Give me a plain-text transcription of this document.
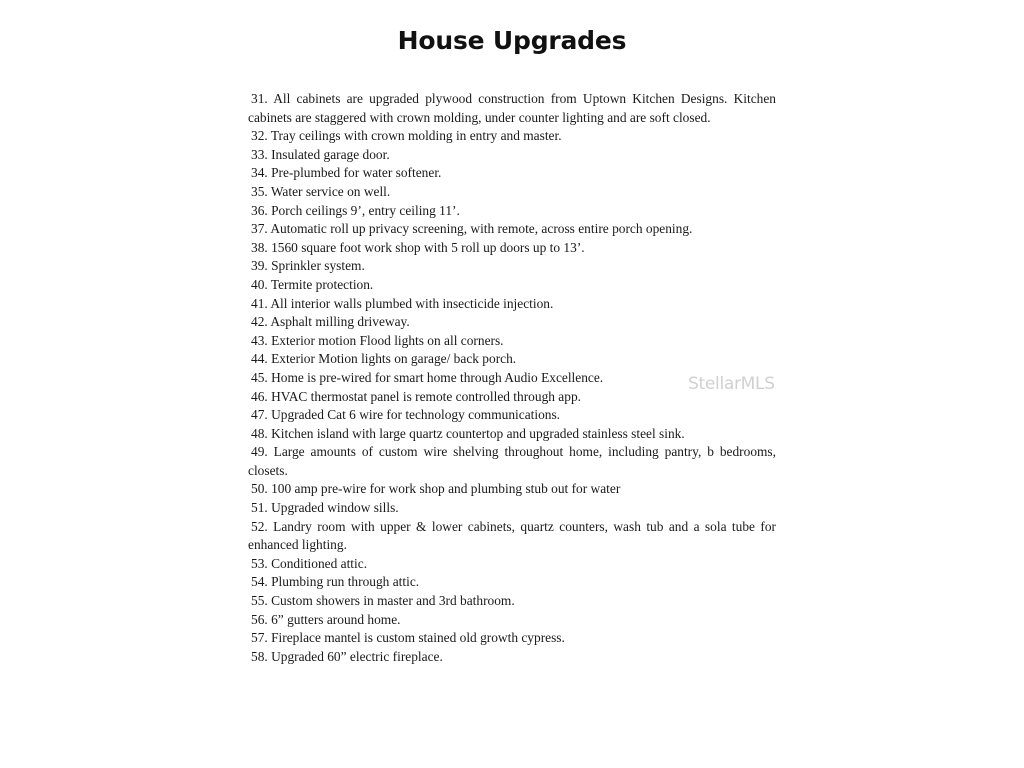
House Upgrades
31. All cabinets are upgraded plywood construction from Uptown Kitchen Designs. Kitchen cabinets are staggered with crown molding, under counter lighting and are soft closed.
32. Tray ceilings with crown molding in entry and master.
33. Insulated garage door.
34. Pre-plumbed for water softener.
35. Water service on well.
36. Porch ceilings 9’, entry ceiling 11’.
37. Automatic roll up privacy screening, with remote, across entire porch opening.
38. 1560 square foot work shop with 5 roll up doors up to 13’.
39. Sprinkler system.
40. Termite protection.
41. All interior walls plumbed with insecticide injection.
42. Asphalt milling driveway.
43. Exterior motion Flood lights on all corners.
44. Exterior Motion lights on garage/ back porch.
45. Home is pre-wired for smart home through Audio Excellence.
46. HVAC thermostat panel is remote controlled through app.
47. Upgraded Cat 6 wire for technology communications.
48. Kitchen island with large quartz countertop and upgraded stainless steel sink.
49. Large amounts of custom wire shelving throughout home, including pantry, b bedrooms, closets.
50. 100 amp pre-wire for work shop and plumbing stub out for water
51. Upgraded window sills.
52. Landry room with upper & lower cabinets, quartz counters, wash tub and a sola tube for enhanced lighting.
53. Conditioned attic.
54. Plumbing run through attic.
55. Custom showers in master and 3rd bathroom.
56. 6” gutters around home.
57. Fireplace mantel is custom stained old growth cypress.
58. Upgraded 60” electric fireplace.
StellarMLS
